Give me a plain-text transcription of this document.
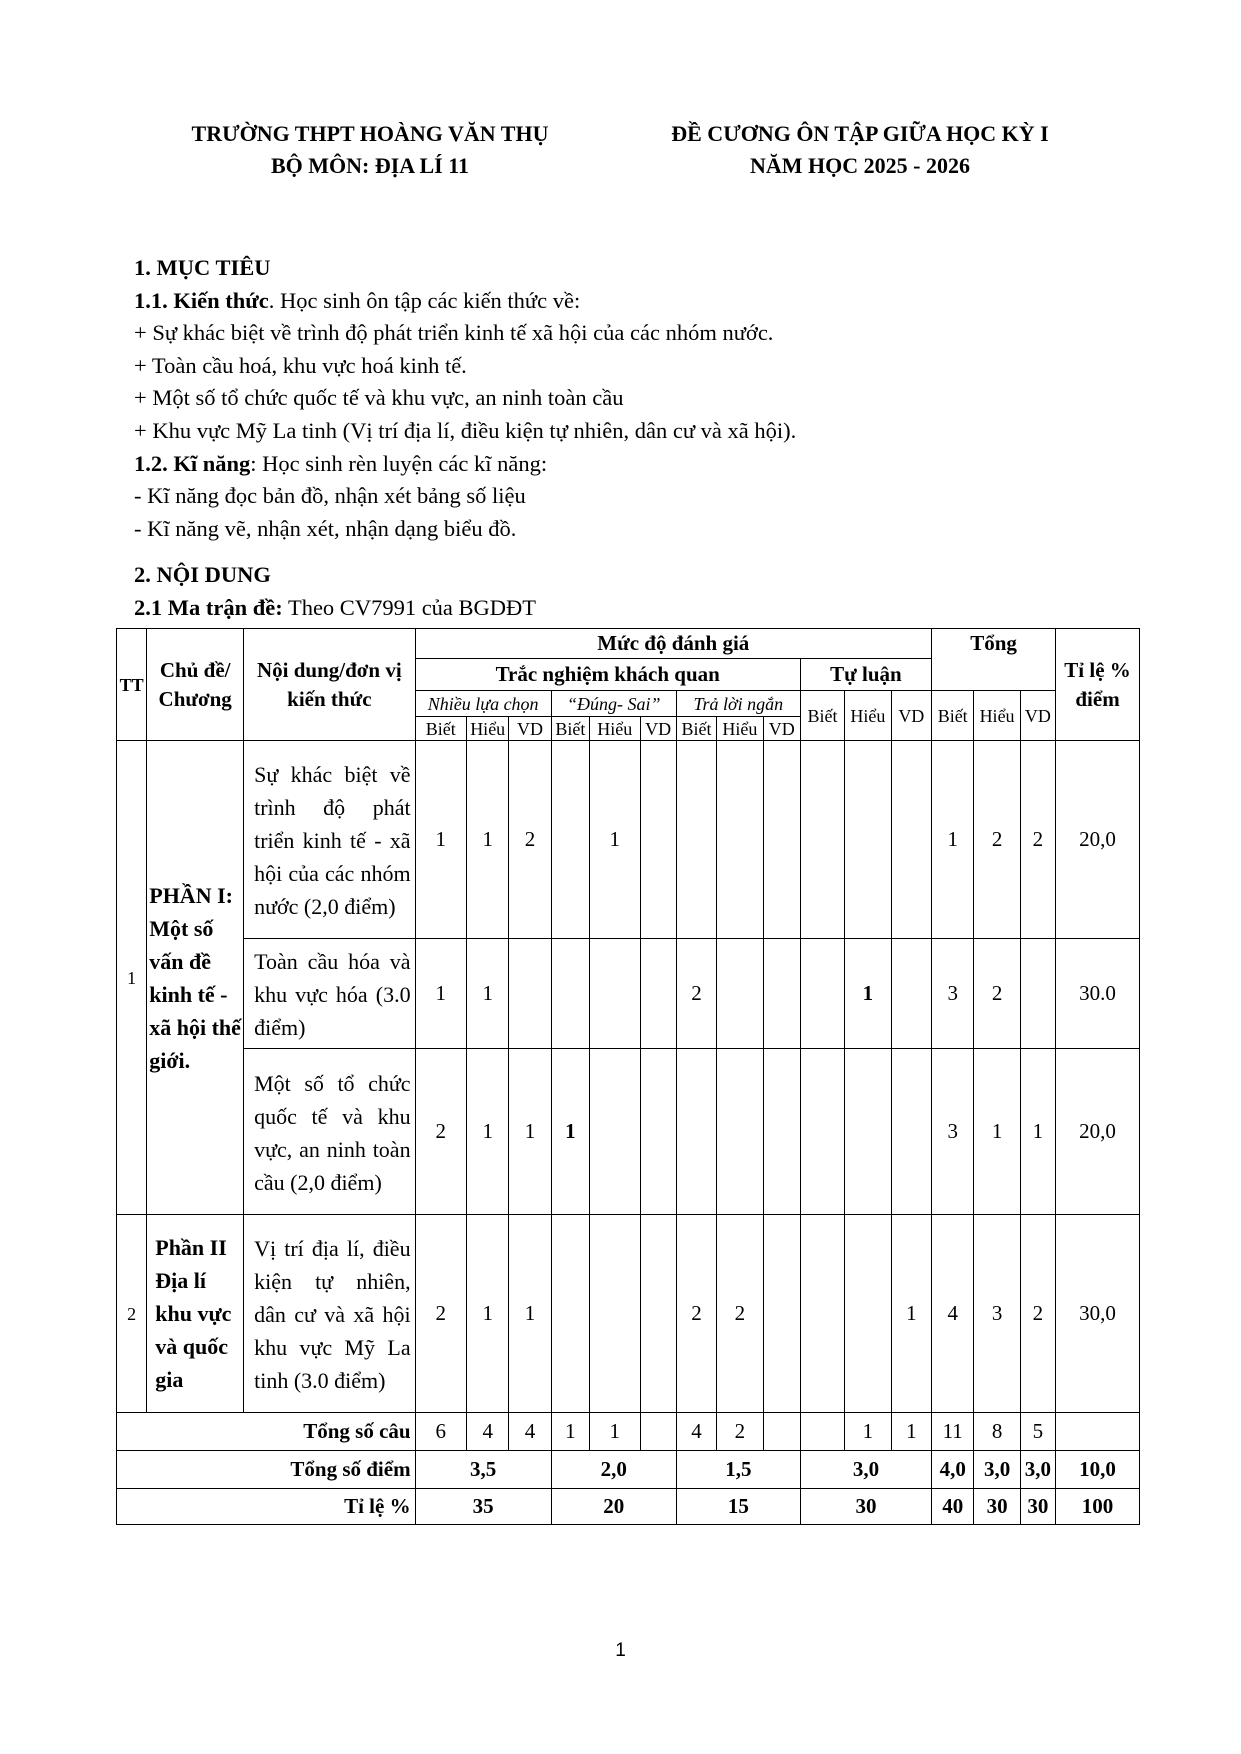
TRƯỜNG THPT HOÀNG VĂN THỤ
BỘ MÔN: ĐỊA LÍ 11
ĐỀ CƯƠNG ÔN TẬP GIỮA HỌC KỲ I
NĂM HỌC 2025 - 2026
1. MỤC TIÊU
1.1. Kiến thức. Học sinh ôn tập các kiến thức về:
+ Sự khác biệt về trình độ phát triển kinh tế xã hội của các nhóm nước.
+ Toàn cầu hoá, khu vực hoá kinh tế.
+ Một số tổ chức quốc tế và khu vực, an ninh toàn cầu
+ Khu vực Mỹ La tinh (Vị trí địa lí, điều kiện tự nhiên, dân cư và xã hội).
1.2. Kĩ năng: Học sinh rèn luyện các kĩ năng:
- Kĩ năng đọc bản đồ, nhận xét bảng số liệu
- Kĩ năng vẽ, nhận xét, nhận dạng biểu đồ.
2. NỘI DUNG
2.1 Ma trận đề: Theo CV7991 của BGDĐT
TT	Chủ đề/ Chương	Nội dung/đơn vị kiến thức	Mức độ đánh giá												Tổng			Tỉ lệ % điểm
			Trắc nghiệm khách quan									Tự luận						
			Nhiều lựa chọn			“Đúng- Sai”			Trả lời ngắn			Biết	Hiểu	VD	Biết	Hiểu	VD	
			Biết	Hiểu	VD	Biết	Hiểu	VD	Biết	Hiểu	VD							
1	PHẦN I: Một số vấn đề kinh tế - xã hội thế giới.	Sự khác biệt về trình độ phát triển kinh tế - xã hội của các nhóm nước (2,0 điểm)	1	1	2		1								1	2	2	20,0
		Toàn cầu hóa và khu vực hóa (3.0 điểm)	1	1					2				1		3	2		30.0
		Một số tổ chức quốc tế và khu vực, an ninh toàn cầu (2,0 điểm)	2	1	1	1									3	1	1	20,0
2	Phần II Địa lí khu vực và quốc gia	Vị trí địa lí, điều kiện tự nhiên, dân cư và xã hội khu vực Mỹ La tinh (3.0 điểm)	2	1	1				2	2				1	4	3	2	30,0
Tổng số câu			6	4	4	1	1		4	2			1	1	11	8	5	
Tổng số điểm			3,5			2,0			1,5			3,0			4,0	3,0	3,0	10,0
Tỉ lệ %			35			20			15			30			40	30	30	100
1
